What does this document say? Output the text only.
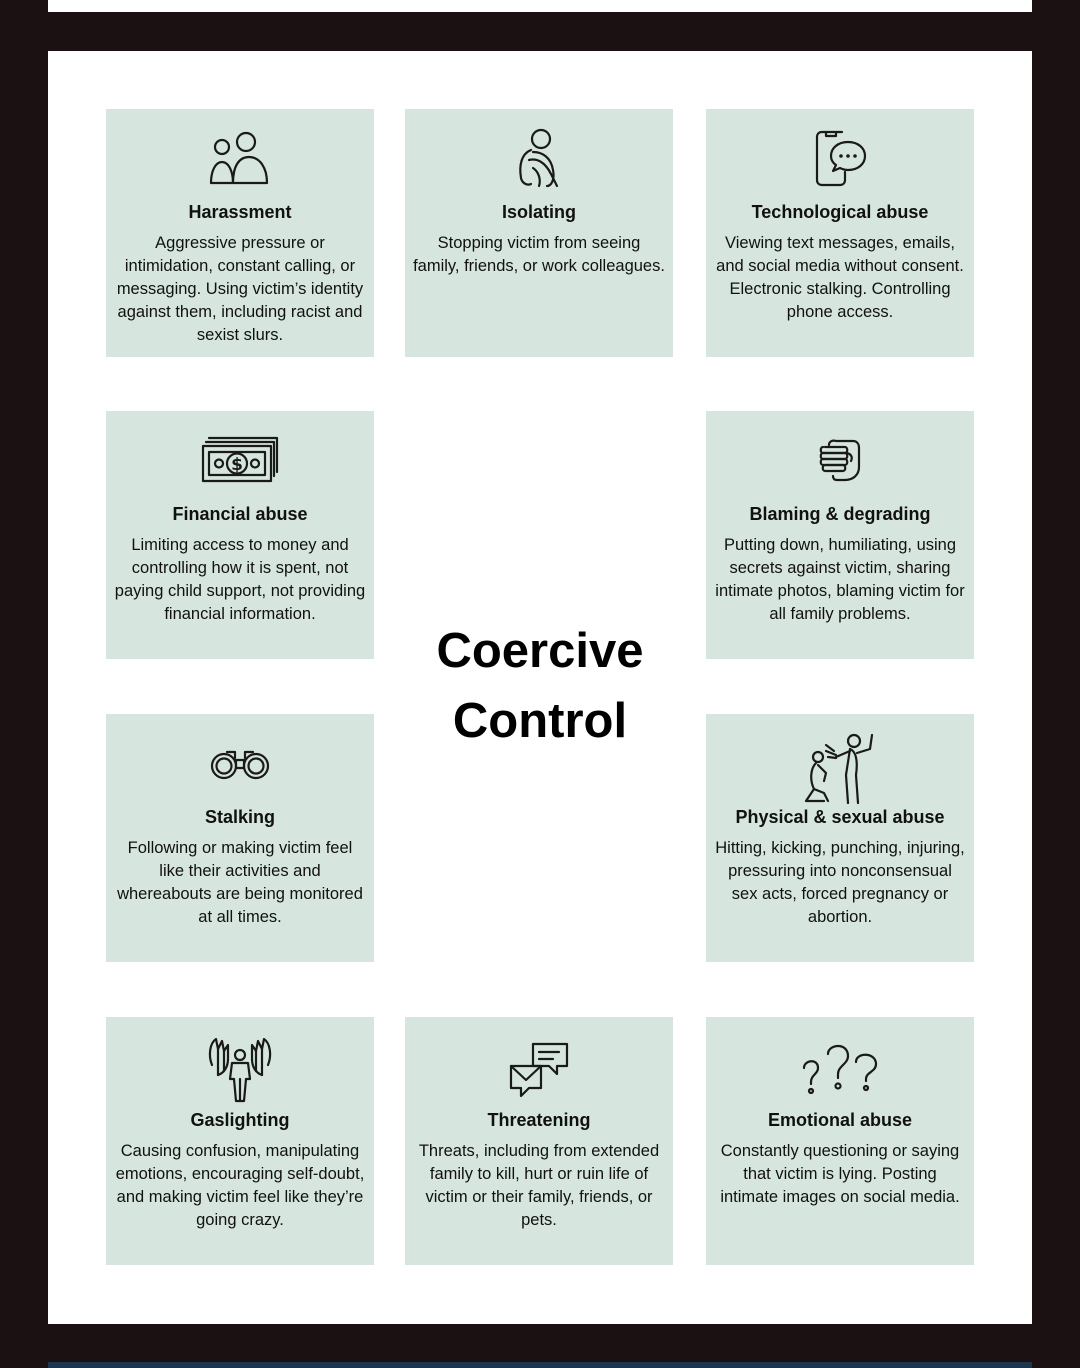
Harassment
Aggressive pressure or intimidation, constant calling, or messaging. Using victim’s identity against them, including racist and sexist slurs.
Isolating
Stopping victim from seeing family, friends, or work colleagues.
Technological abuse
Viewing text messages, emails, and social media without consent. Electronic stalking. Controlling phone access.
$
Financial abuse
Limiting access to money and controlling how it is spent, not paying child support, not providing financial information.
Blaming & degrading
Putting down, humiliating, using secrets against victim, sharing intimate photos, blaming victim for all family problems.
Coercive
Control
Stalking
Following or making victim feel like their activities and whereabouts are being monitored at all times.
Physical & sexual abuse
Hitting, kicking, punching, injuring, pressuring into nonconsensual sex acts, forced pregnancy or abortion.
Gaslighting
Causing confusion, manipulating emotions, encouraging self-doubt, and making victim feel like they’re going crazy.
Threatening
Threats, including from extended family to kill, hurt or ruin life of victim or their family, friends, or pets.
Emotional abuse
Constantly questioning or saying that victim is lying. Posting intimate images on social media.
